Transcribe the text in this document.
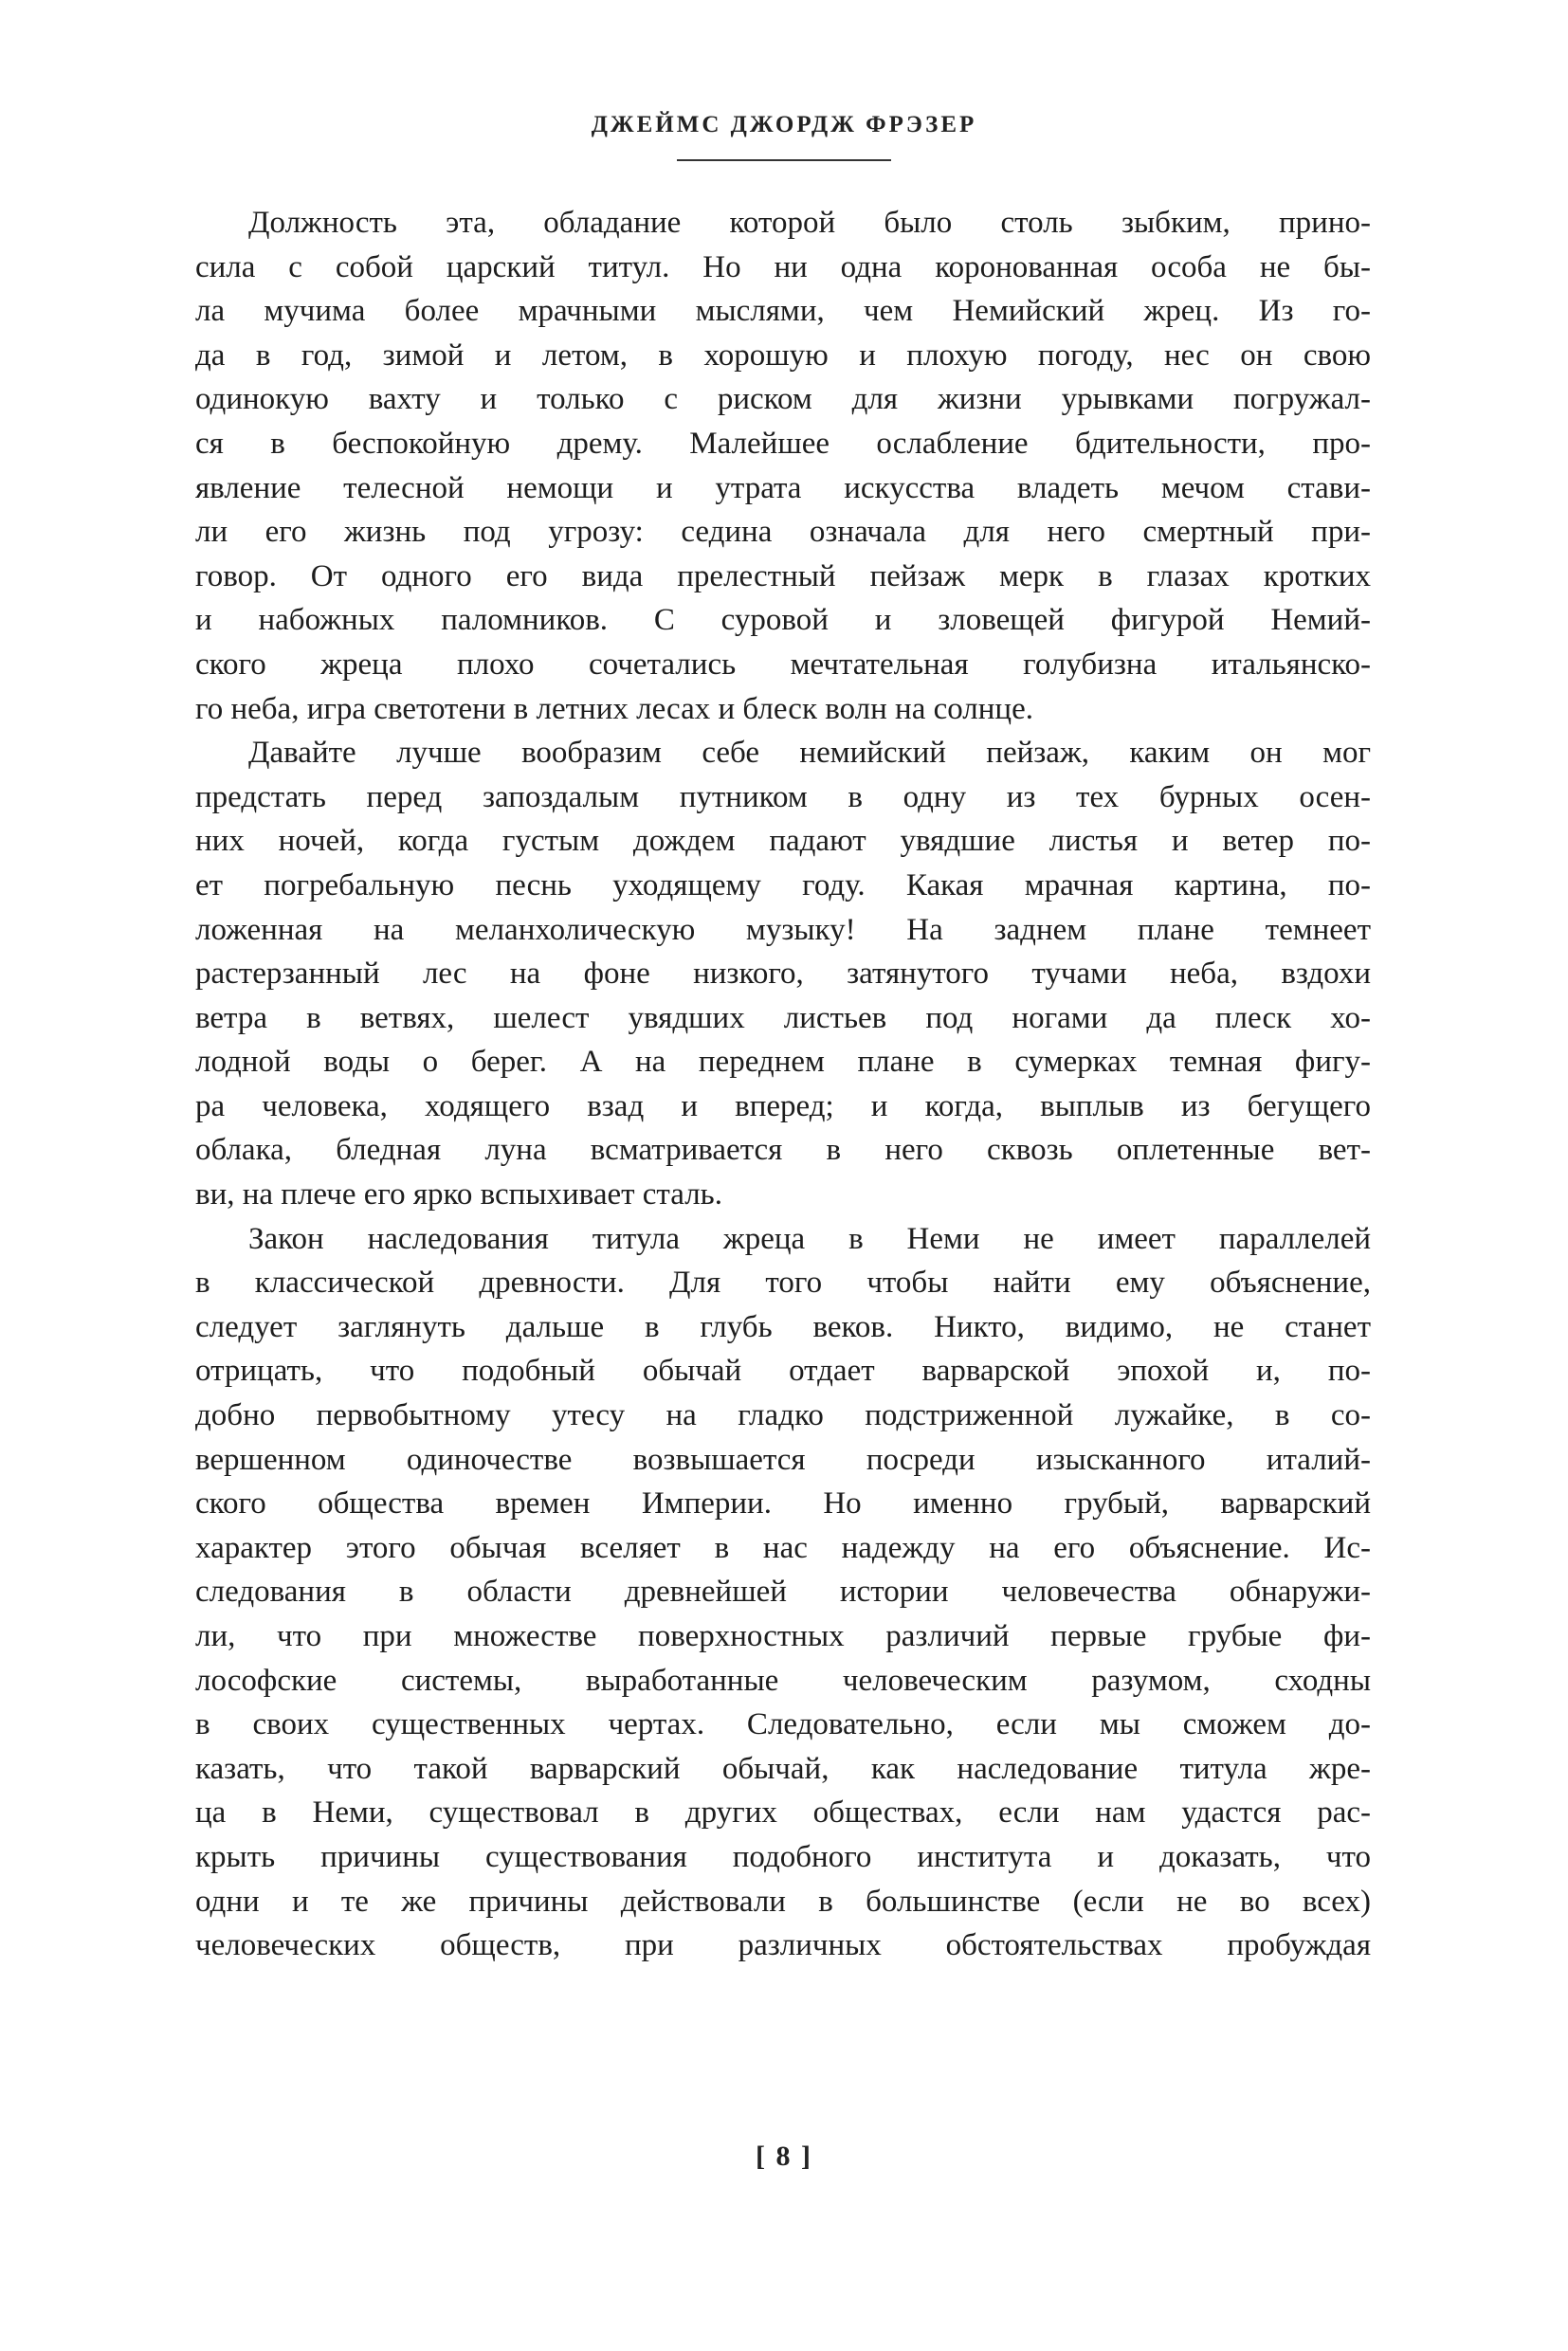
ДЖЕЙМС ДЖОРДЖ ФРЭЗЕР

Должность эта, обладание которой было столь зыбким, прино-
сила с собой царский титул. Но ни одна коронованная особа не бы-
ла мучима более мрачными мыслями, чем Немийский жрец. Из го-
да в год, зимой и летом, в хорошую и плохую погоду, нес он свою
одинокую вахту и только с риском для жизни урывками погружал-
ся в беспокойную дрему. Малейшее ослабление бдительности, про-
явление телесной немощи и утрата искусства владеть мечом стави-
ли его жизнь под угрозу: седина означала для него смертный при-
говор. От одного его вида прелестный пейзаж мерк в глазах кротких
и набожных паломников. С суровой и зловещей фигурой Немий-
ского жреца плохо сочетались мечтательная голубизна итальянско-
го неба, игра светотени в летних лесах и блеск волн на солнце.

Давайте лучше вообразим себе немийский пейзаж, каким он мог
предстать перед запоздалым путником в одну из тех бурных осен-
них ночей, когда густым дождем падают увядшие листья и ветер по-
ет погребальную песнь уходящему году. Какая мрачная картина, по-
ложенная на меланхолическую музыку! На заднем плане темнеет
растерзанный лес на фоне низкого, затянутого тучами неба, вздохи
ветра в ветвях, шелест увядших листьев под ногами да плеск хо-
лодной воды о берег. А на переднем плане в сумерках темная фигу-
ра человека, ходящего взад и вперед; и когда, выплыв из бегущего
облака, бледная луна всматривается в него сквозь оплетенные вет-
ви, на плече его ярко вспыхивает сталь.

Закон наследования титула жреца в Неми не имеет параллелей
в классической древности. Для того чтобы найти ему объяснение,
следует заглянуть дальше в глубь веков. Никто, видимо, не станет
отрицать, что подобный обычай отдает варварской эпохой и, по-
добно первобытному утесу на гладко подстриженной лужайке, в со-
вершенном одиночестве возвышается посреди изысканного италий-
ского общества времен Империи. Но именно грубый, варварский
характер этого обычая вселяет в нас надежду на его объяснение. Ис-
следования в области древнейшей истории человечества обнаружи-
ли, что при множестве поверхностных различий первые грубые фи-
лософские системы, выработанные человеческим разумом, сходны
в своих существенных чертах. Следовательно, если мы сможем до-
казать, что такой варварский обычай, как наследование титула жре-
ца в Неми, существовал в других обществах, если нам удастся рас-
крыть причины существования подобного института и доказать, что
одни и те же причины действовали в большинстве (если не во всех)
человеческих обществ, при различных обстоятельствах пробуждая

[ 8 ]
